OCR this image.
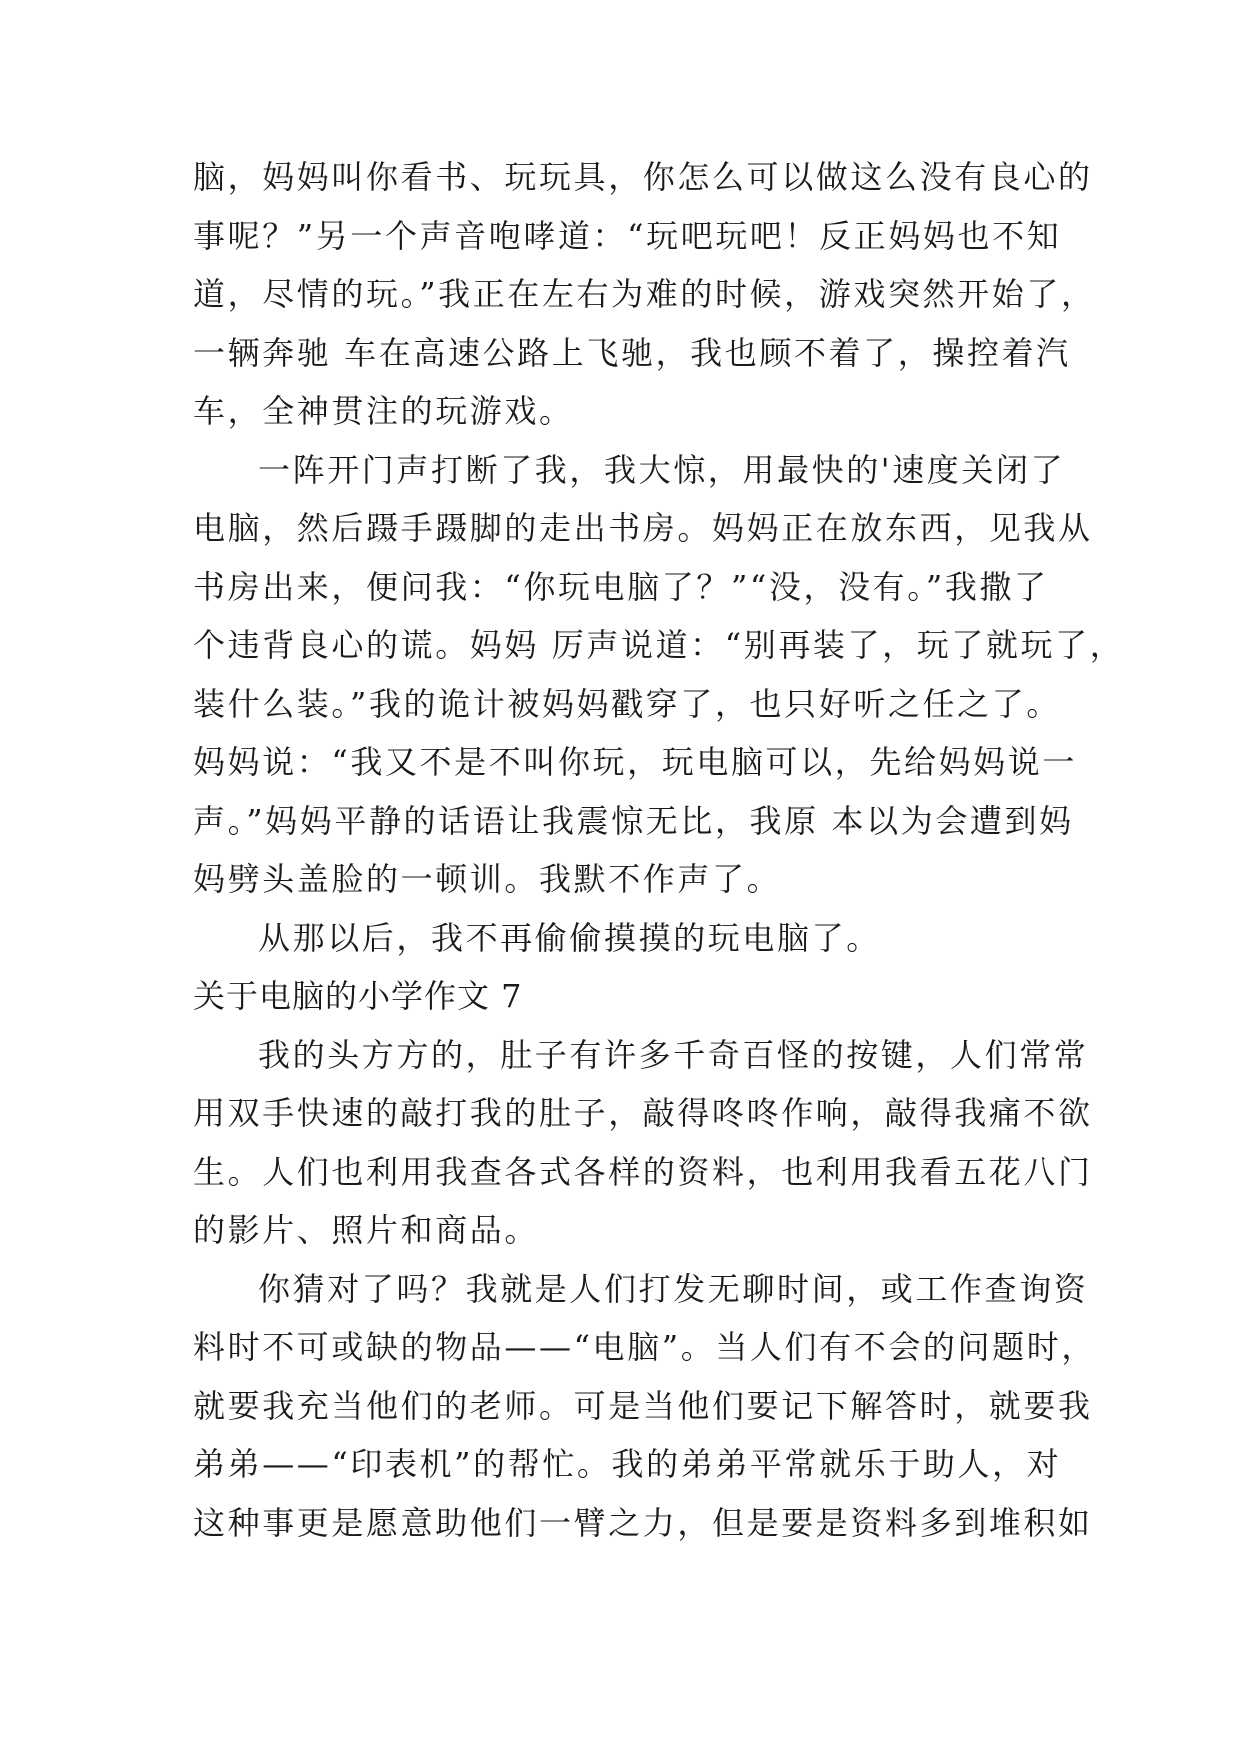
脑，妈妈叫你看书、玩玩具，你怎么可以做这么没有良心的
事呢？”另一个声音咆哮道：“玩吧玩吧！反正妈妈也不知
道，尽情的玩。”我正在左右为难的时候，游戏突然开始了，
一辆奔驰 车在高速公路上飞驰，我也顾不着了，操控着汽
车，全神贯注的玩游戏。
一阵开门声打断了我，我大惊，用最快的'速度关闭了
电脑，然后蹑手蹑脚的走出书房。妈妈正在放东西，见我从
书房出来，便问我：“你玩电脑了？”“没，没有。”我撒了
个违背良心的谎。妈妈 厉声说道：“别再装了，玩了就玩了，
装什么装。”我的诡计被妈妈戳穿了，也只好听之任之了。
妈妈说：“我又不是不叫你玩，玩电脑可以，先给妈妈说一
声。”妈妈平静的话语让我震惊无比，我原 本以为会遭到妈
妈劈头盖脸的一顿训。我默不作声了。
从那以后，我不再偷偷摸摸的玩电脑了。
关于电脑的小学作文 7
我的头方方的，肚子有许多千奇百怪的按键，人们常常
用双手快速的敲打我的肚子，敲得咚咚作响，敲得我痛不欲
生。人们也利用我查各式各样的资料，也利用我看五花八门
的影片、照片和商品。
你猜对了吗？我就是人们打发无聊时间，或工作查询资
料时不可或缺的物品——“电脑”。当人们有不会的问题时，
就要我充当他们的老师。可是当他们要记下解答时，就要我
弟弟——“印表机”的帮忙。我的弟弟平常就乐于助人，对
这种事更是愿意助他们一臂之力，但是要是资料多到堆积如
